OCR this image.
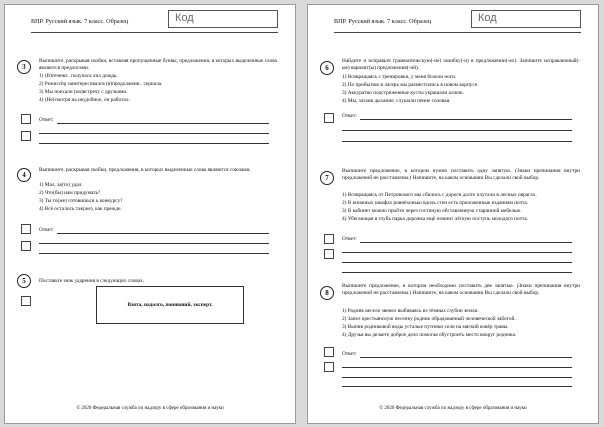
ВПР. Русский язык. 7 класс. Образец	Код
3
Выпишите, раскрывая скобки, вставляя пропущенные буквы, предложения, в которых выделенные слова являются предлогами.
1) (В)течени.. получаса лил дождь.
2) Режиссёр заинтересовался (в)продолжени.. сериала.
3) Мы поехали (на)встречу с друзьями.
4) (Не)смотря на неудобное, он работал.
Ответ:
4
Выпишите, раскрывая скобки, предложения, в которых выделенные слова являются союзами.
1) Мал, за(то) удал.
2) Что(бы) нам придумать?
3) Ты то(же) готовишься к конкурсу?
4) Всё осталось так(же), как прежде.
Ответ:
5	Поставьте знак ударения в следующих словах.
Взята, надолго, понявший, эксперт.
© 2020 Федеральная служба по надзору в сфере образования и науки
ВПР. Русский язык. 7 класс. Образец	Код
6
Найдите и исправьте грамматическую(-ие) ошибку(-и) в предложении(-ях). Запишите исправленный(-ые) вариант(ы) предложения(-ий).
1) Возвращаясь с тренировки, у меня болели ноги.
2) По прибытию в лагерь мы разместились в новом корпусе.
3) Аккуратно подстриженные кусты украшали аллею.
4) Мы, затаив дыхание, слушали пение соловья.
Ответ:
7
Выпишите предложение, в котором нужно поставить одну запятую. (Знаки препинания внутри предложений не расставлены.) Напишите, на каком основании Вы сделали свой выбор.
1) Возвращаясь от Петровского мы сбились с дороги долго плутали в лесных оврагах.
2) В книжных шкафах ровнёхонько вдоль стен есть приложенные изданиям поэта.
3) В кабинет можно пройти через гостиную обставленную старинной мебелью.
4) Убегающая в глубь парка дорожка ещё помнит лёгкую поступь молодого поэта.
Ответ:
8
Выпишите предложение, в котором необходимо поставить две запятые. (Знаки препинания внутри предложений не расставлены.) Напишите, на каком основании Вы сделали свой выбор.
1) Родник весело звенел выбиваясь из тёмных глубин земли.
2) Запел крестьянскую песенку родник обрадованный человеческой заботой.
3) Выпив родниковой воды усталые путники сели на мягкий ковёр травы.
4) Друзья вы делаете доброе дело помогая обустроить место вокруг родника.
Ответ:
© 2020 Федеральная служба по надзору в сфере образования и науки
